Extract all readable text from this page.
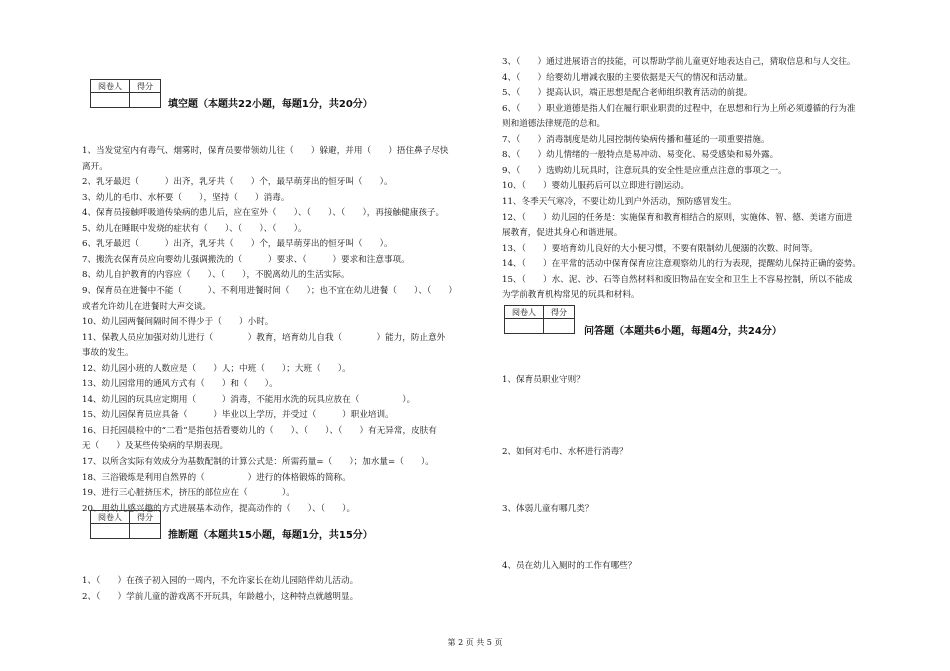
阅卷人	得分

填空题（本题共22小题，每题1分，共20分）
1、当发觉室内有毒气、烟雾时，保育员要带领幼儿往（　　）躲避，并用（　　）捂住鼻子尽快
离开。
2、乳牙最迟（　　　）出齐，乳牙共（　　）个，最早萌芽出的恒牙叫（　　）。
3、幼儿的毛巾、水杯要（　　），坚持（　　）消毒。
4、保育员接触呼吸道传染病的患儿后，应在室外（　　）、（　　）、（　　），再接触健康孩子。
5、幼儿在睡眠中发烧的症状有（　　）、（　　）、（　　）。
6、乳牙最迟（　　　）出齐，乳牙共（　　）个，最早萌芽出的恒牙叫（　　）。
7、搬洗衣保育员应向婴幼儿强调搬洗的（　　　）要求、（　　　）要求和注意事项。
8、幼儿自护教育的内容应（　　）、（　　），不脱离幼儿的生活实际。
9、保育员在进餐中不能（　　　）、不利用进餐时间（　　）；也不宜在幼儿进餐（　　）、（　　）
或者允许幼儿在进餐时大声交谈。
10、幼儿园两餐间隔时间不得少于（　　）小时。
11、保教人员应加强对幼儿进行（　　　　）教育，培育幼儿自我（　　　　）能力，防止意外
事故的发生。
12、幼儿园小班的人数应是（　　）人；中班（　　）；大班（　　）。
13、幼儿园常用的通风方式有（　　）和（　　）。
14、幼儿园的玩具应定期用（　　　）消毒，不能用水洗的玩具应放在（　　　　　）。
15、幼儿园保育员应具备（　　　）毕业以上学历，并受过（　　　）职业培训。
16、日托园晨检中的“二看”是指包括看婴幼儿的（　　）、（　　）、（　　）有无异常，皮肤有
无（　　）及某些传染病的早期表现。
17、以所含实际有效成分为基数配制的计算公式是：所需药量=（　　）；加水量=（　　）。
18、三浴锻炼是利用自然界的（　　　　　）进行的体格锻炼的简称。
19、进行三心脏挤压术，挤压的部位应在（　　　　）。
20、用幼儿感兴趣的方式进展基本动作，提高动作的（　　）、（　　）。
阅卷人	得分

推断题（本题共15小题，每题1分，共15分）
1、（　　）在孩子初入园的一周内，不允许家长在幼儿园陪伴幼儿活动。
2、（　　）学前儿童的游戏离不开玩具，年龄越小，这种特点就越明显。
3、（　　）通过进展语言的技能，可以帮助学前儿童更好地表达自己，猜取信息和与人交往。
4、（　　）给婴幼儿增减衣服的主要依据是天气的情况和活动量。
5、（　　）提高认识，端正思想是配合老师组织教育活动的前提。
6、（　　）职业道德是指人们在履行职业职责的过程中，在思想和行为上所必须遵循的行为准
则和道德法律规范的总和。
7、（　　）消毒制度是幼儿园控制传染病传播和蔓延的一项重要措施。
8、（　　）幼儿情绪的一般特点是易冲动、易变化、易受感染和易外露。
9、（　　）选购幼儿玩具时，注意玩具的安全性是应重点注意的事项之一。
10、（　　）婴幼儿服药后可以立即进行剧运动。
11、冬季天气寒冷，不要让幼儿到户外活动，预防感冒发生。
12、（　　）幼儿园的任务是：实施保育和教育相结合的原则，实施体、智、德、美诸方面进
展教育，促进其身心和谐进展。
13、（　　）要培育幼儿良好的大小便习惯，不要有限制幼儿便溺的次数、时间等。
14、（　　）在平常的活动中保育保育应注意观察幼儿的行为表现，提醒幼儿保持正确的姿势。
15、（　　）水、泥、沙、石等自然材料和废旧物品在安全和卫生上不容易控制，所以不能成
为学前教育机构常见的玩具和材料。
阅卷人	得分

问答题（本题共6小题，每题4分，共24分）
1、保育员职业守则？
2、如何对毛巾、水杯进行消毒？
3、体弱儿童有哪几类？
4、员在幼儿入厕时的工作有哪些？
第 2 页 共 5 页
